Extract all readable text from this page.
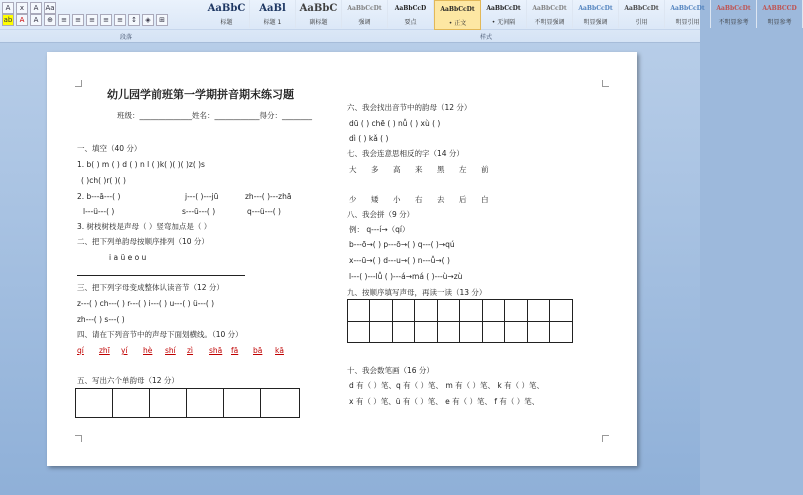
A	x	A	Aa
ab	A	A	⊕	≡	≡	≡	≡	≡	↕	◈	⊞
段落	样式
AaBbC
标题
AaBl
标题 1
AaBbC
副标题
AaBbCcDt
强调
AaBbCcD
要点
AaBbCcDt
• 正文
AaBbCcDt
• 无间隔
AaBbCcDt
不明显强调
AaBbCcDt
明显强调
AaBbCcDt
引用
AaBbCcDt
明显引用
AaBbCcDt
不明显参考
AABBCCD
明显参考
幼儿园学前班第一学期拼音期末练习题
班级：______________姓名：____________得分：________
一、填空（40 分）
1. b( ) m ( ) d ( ) n l ( )k( )( )( )z( )s
( )ch( )r( )( )
2. b---ā---( )	j---( )---jū	zh---( )---zhā
l---ü---( )	s---ū---( )	q---ü---( )
3. 树枝树枝是声母（ ）竖弯加点是（ ）
二、把下列单韵母按顺序排列（10 分）
i a ü e o u
三、把下列字母变成整体认读音节（12 分）
z---( ) ch---( ) r---( ) i---( ) u---( ) ü---( )
zh---( ) s---( )
四、请在下列音节中的声母下面划横线。（10 分）
qí zhī yí hè shí zì shā fā bā kā
五、写出六个单韵母（12 分）
六、我会找出音节中的韵母（12 分）
dū ( ) chē ( ) nǚ ( ) xù ( )
dì ( ) kǎ ( )
七、我会连意思相反的字（14 分）
大 多 高 来 黑 左 前
少 矮 小 右 去 后 白
八、我会拼（9 分）
例： q---í→（qí）
b---ō→( ) p---ō→( ) q---( )→qú
x---ū→( ) d---u→( ) n---ǚ→( )
l---( )---lǚ ( )---á→má ( )---ù→zù
九、按顺序填写声母，再读一读（13 分）
十、我会数笔画（16 分）
d 有（ ）笔、q 有（ ）笔、 m 有（ ）笔、 k 有（ ）笔、
x 有（ ）笔、ü 有（ ）笔、 e 有（ ）笔、 f 有（ ）笔、
